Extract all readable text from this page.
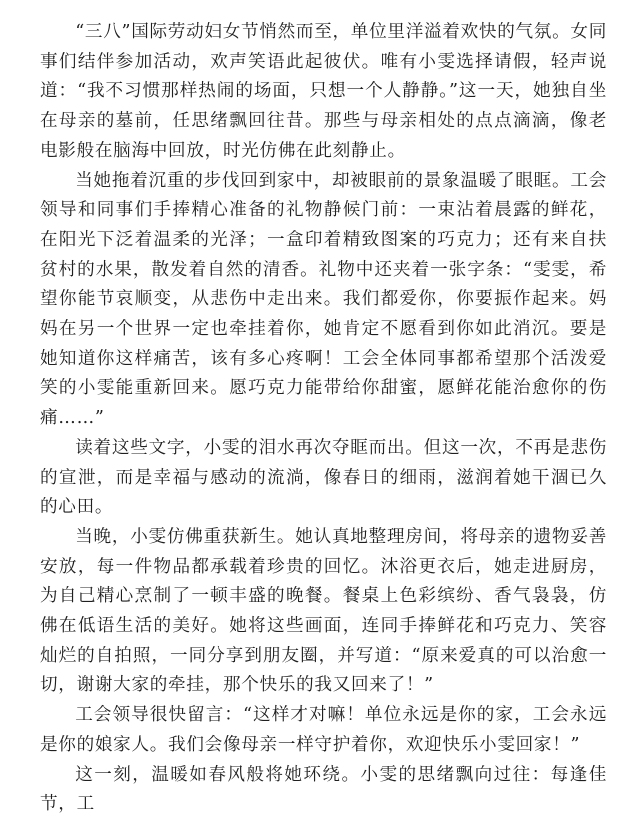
“三八”国际劳动妇女节悄然而至，单位里洋溢着欢快的气氛。女同事们结伴参加活动，欢声笑语此起彼伏。唯有小雯选择请假，轻声说道：“我不习惯那样热闹的场面，只想一个人静静。”这一天，她独自坐在母亲的墓前，任思绪飘回往昔。那些与母亲相处的点点滴滴，像老电影般在脑海中回放，时光仿佛在此刻静止。

当她拖着沉重的步伐回到家中，却被眼前的景象温暖了眼眶。工会领导和同事们手捧精心准备的礼物静候门前：一束沾着晨露的鲜花，在阳光下泛着温柔的光泽；一盒印着精致图案的巧克力；还有来自扶贫村的水果，散发着自然的清香。礼物中还夹着一张字条：“雯雯，希望你能节哀顺变，从悲伤中走出来。我们都爱你，你要振作起来。妈妈在另一个世界一定也牵挂着你，她肯定不愿看到你如此消沉。要是她知道你这样痛苦，该有多心疼啊！工会全体同事都希望那个活泼爱笑的小雯能重新回来。愿巧克力能带给你甜蜜，愿鲜花能治愈你的伤痛……”

读着这些文字，小雯的泪水再次夺眶而出。但这一次，不再是悲伤的宣泄，而是幸福与感动的流淌，像春日的细雨，滋润着她干涸已久的心田。

当晚，小雯仿佛重获新生。她认真地整理房间，将母亲的遗物妥善安放，每一件物品都承载着珍贵的回忆。沐浴更衣后，她走进厨房，为自己精心烹制了一顿丰盛的晚餐。餐桌上色彩缤纷、香气袅袅，仿佛在低语生活的美好。她将这些画面，连同手捧鲜花和巧克力、笑容灿烂的自拍照，一同分享到朋友圈，并写道：“原来爱真的可以治愈一切，谢谢大家的牵挂，那个快乐的我又回来了！”

工会领导很快留言：“这样才对嘛！单位永远是你的家，工会永远是你的娘家人。我们会像母亲一样守护着你，欢迎快乐小雯回家！”

这一刻，温暖如春风般将她环绕。小雯的思绪飘向过往：每逢佳节，工
